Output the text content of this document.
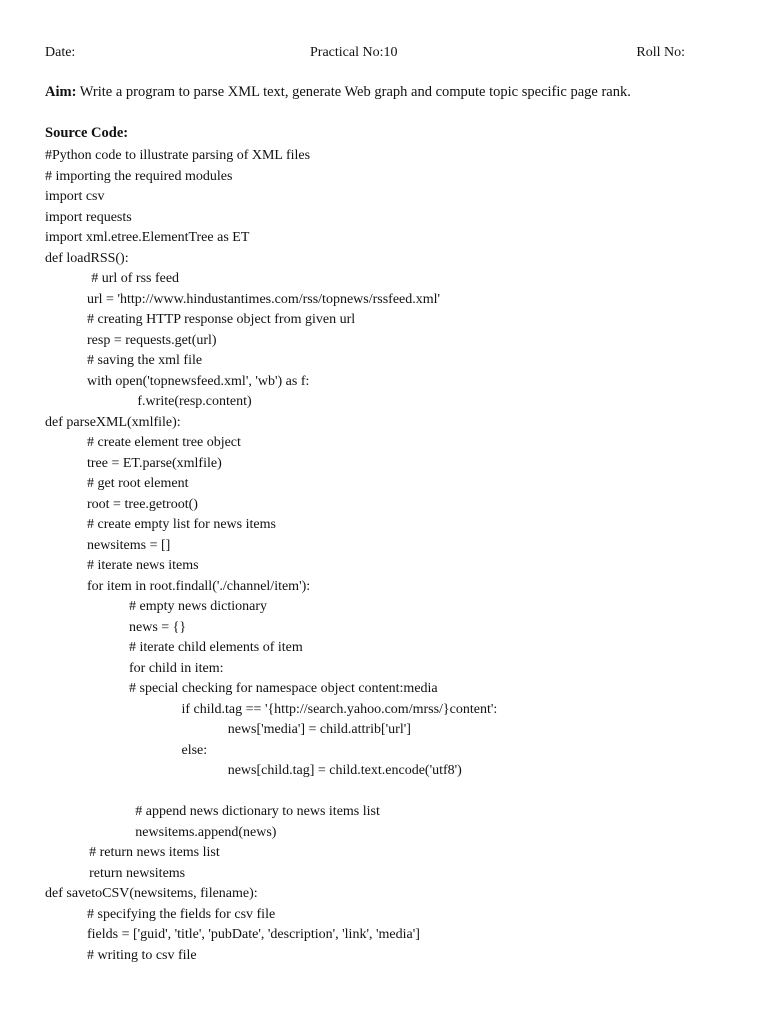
Date:	Practical No:10	Roll No:
Aim: Write a program to parse XML text, generate Web graph and compute topic specific page rank.
Source Code:
#Python code to illustrate parsing of XML files
# importing the required modules
import csv
import requests
import xml.etree.ElementTree as ET
def loadRSS():
# url of rss feed
url = 'http://www.hindustantimes.com/rss/topnews/rssfeed.xml'
# creating HTTP response object from given url
resp = requests.get(url)
# saving the xml file
with open('topnewsfeed.xml', 'wb') as f:
f.write(resp.content)
def parseXML(xmlfile):
# create element tree object
tree = ET.parse(xmlfile)
# get root element
root = tree.getroot()
# create empty list for news items
newsitems = []
# iterate news items
for item in root.findall('./channel/item'):
# empty news dictionary
news = {}
# iterate child elements of item
for child in item:
# special checking for namespace object content:media
if child.tag == '{http://search.yahoo.com/mrss/}content':
news['media'] = child.attrib['url']
else:
news[child.tag] = child.text.encode('utf8')
# append news dictionary to news items list
newsitems.append(news)
# return news items list
return newsitems
def savetoCSV(newsitems, filename):
# specifying the fields for csv file
fields = ['guid', 'title', 'pubDate', 'description', 'link', 'media']
# writing to csv file
